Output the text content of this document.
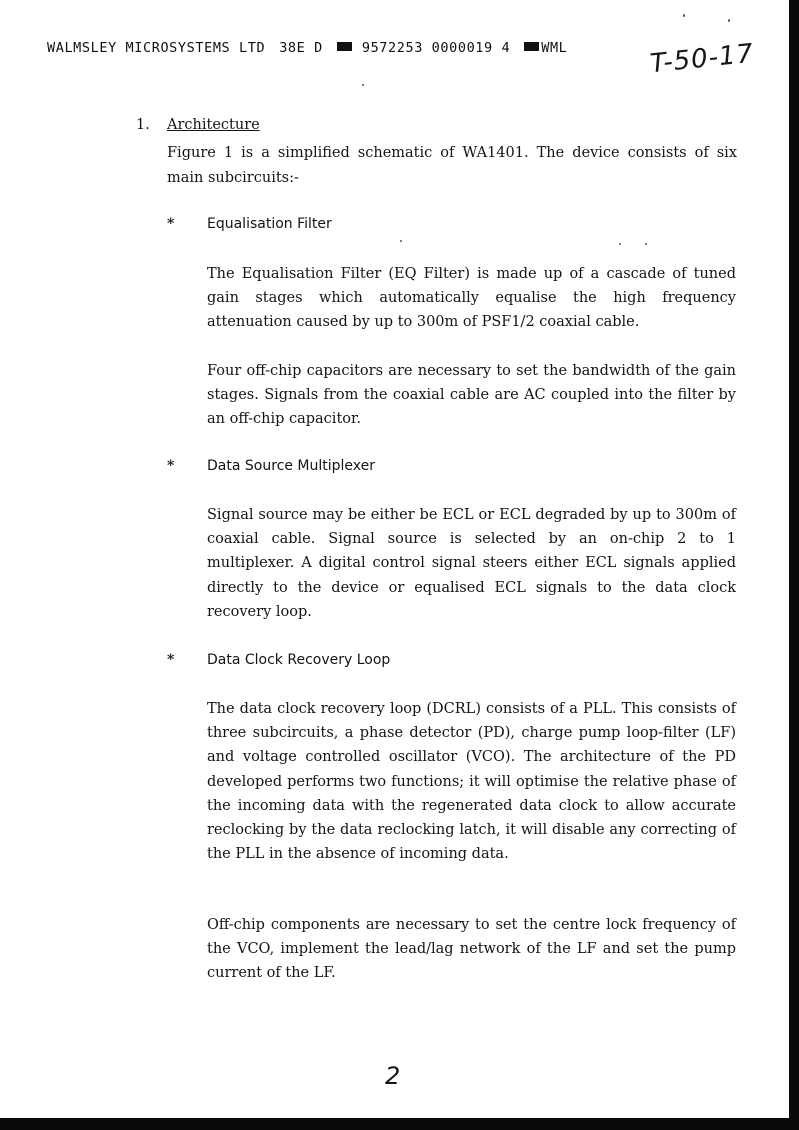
WALMSLEY MICROSYSTEMS LTD 38E D	9572253 0000019 4 WML	T-50-17
1. Architecture
Figure 1 is a simplified schematic of WA1401. The device consists of six main subcircuits:-
* Equalisation Filter
The Equalisation Filter (EQ Filter) is made up of a cascade of tuned gain stages which automatically equalise the high frequency attenuation caused by up to 300m of PSF1/2 coaxial cable.
Four off-chip capacitors are necessary to set the bandwidth of the gain stages. Signals from the coaxial cable are AC coupled into the filter by an off-chip capacitor.
* Data Source Multiplexer
Signal source may be either be ECL or ECL degraded by up to 300m of coaxial cable. Signal source is selected by an on-chip 2 to 1 multiplexer. A digital control signal steers either ECL signals applied directly to the device or equalised ECL signals to the data clock recovery loop.
* Data Clock Recovery Loop
The data clock recovery loop (DCRL) consists of a PLL. This consists of three subcircuits, a phase detector (PD), charge pump loop-filter (LF) and voltage controlled oscillator (VCO). The architecture of the PD developed performs two functions; it will optimise the relative phase of the incoming data with the regenerated data clock to allow accurate reclocking by the data reclocking latch, it will disable any correcting of the PLL in the absence of incoming data.
Off-chip components are necessary to set the centre lock frequency of the VCO, implement the lead/lag network of the LF and set the pump current of the LF.
2
